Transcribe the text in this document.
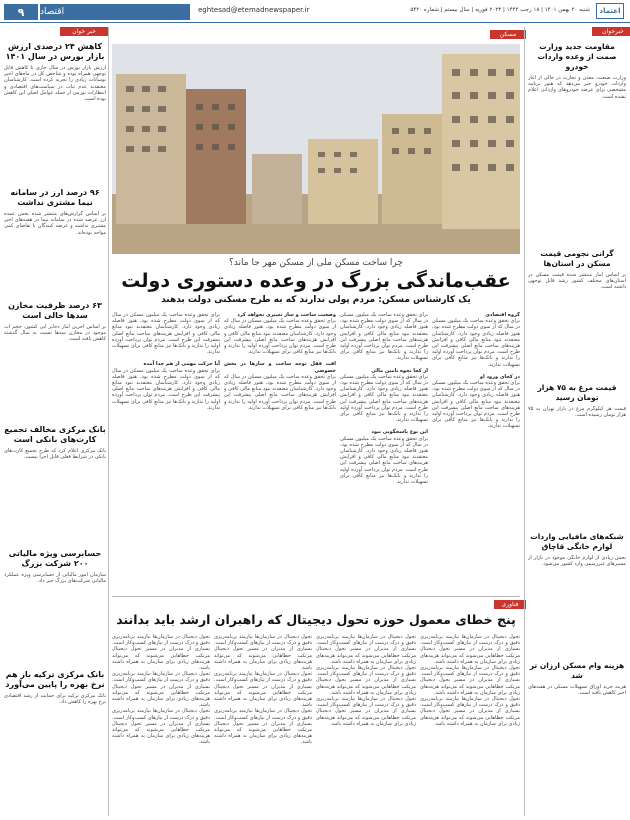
۹	اقتصاد	eghtesad@etemadnewspaper.ir	شنبه ۲۰ بهمن ۱۴۰۱ | ۱۸ رجب ۱۴۴۴ | ۲۰۲۳ فوریه | سال بیستم | شماره ۵۴۲۰	اعتماد
خبر خوان
کاهش ۲۴ درصدی ارزش بازار بورس در سال ۱۴۰۱
ارزش بازار بورس در سال جاری با کاهش قابل توجهی همراه بوده و شاخص کل در ماه‌های اخیر نوسانات زیادی را تجربه کرده است. کارشناسان معتقدند عدم ثبات در سیاست‌های اقتصادی و انتظارات تورمی از جمله عوامل اصلی این کاهش بوده است.
۹۶ درصد ارز در سامانه نیما مشتری نداشت
بر اساس گزارش‌های منتشر شده بخش عمده ارز عرضه شده در سامانه نیما در هفته‌های اخیر مشتری نداشته و عرضه کنندگان با تقاضای کمی مواجه بوده‌اند.
۶۳ درصد ظرفیت مخازن سدها خالی است
بر اساس آخرین آمار ذخایر آبی کشور، حجم آب موجود در مخازن سدها نسبت به سال گذشته کاهش یافته است.
بانک مرکزی مخالف تجمیع کارت‌های بانکی است
بانک مرکزی اعلام کرد که طرح تجمیع کارت‌های بانکی در شرایط فعلی قابل اجرا نیست.
حسابرسی ویژه مالیاتی ۲۰۰ شرکت بزرگ
سازمان امور مالیاتی از حسابرسی ویژه عملکرد مالیاتی شرکت‌های بزرگ خبر داد.
بانک مرکزی ترکیه باز هم نرخ بهره را پایین می‌آورد
بانک مرکزی ترکیه برای حمایت از رشد اقتصادی نرخ بهره را کاهش داد.
مسکن
چرا ساخت مسکن ملی از مسکن مهر جا ماند؟
عقب‌ماندگی بزرگ در وعده دستوری دولت
یک کارشناس مسکن: مردم پولی ندارند که به طرح مسکنی دولت بدهند
گروه اقتصادی
برای تحقق وعده ساخت یک میلیون مسکن در سال که از سوی دولت مطرح شده بود، هنوز فاصله زیادی وجود دارد. کارشناسان معتقدند نبود منابع مالی کافی و افزایش هزینه‌های ساخت مانع اصلی پیشرفت این طرح است. مردم توان پرداخت آورده اولیه را ندارند و بانک‌ها نیز منابع کافی برای تسهیلات ندارند.
در کجای ورود او
برای تحقق وعده ساخت یک میلیون مسکن در سال که از سوی دولت مطرح شده بود، هنوز فاصله زیادی وجود دارد. کارشناسان معتقدند نبود منابع مالی کافی و افزایش هزینه‌های ساخت مانع اصلی پیشرفت این طرح است. مردم توان پرداخت آورده اولیه را ندارند و بانک‌ها نیز منابع کافی برای تسهیلات ندارند.
برای تحقق وعده ساخت یک میلیون مسکن در سال که از سوی دولت مطرح شده بود، هنوز فاصله زیادی وجود دارد. کارشناسان معتقدند نبود منابع مالی کافی و افزایش هزینه‌های ساخت مانع اصلی پیشرفت این طرح است. مردم توان پرداخت آورده اولیه را ندارند و بانک‌ها نیز منابع کافی برای تسهیلات ندارند.
از کجا نحوه تامین مالی
برای تحقق وعده ساخت یک میلیون مسکن در سال که از سوی دولت مطرح شده بود، هنوز فاصله زیادی وجود دارد. کارشناسان معتقدند نبود منابع مالی کافی و افزایش هزینه‌های ساخت مانع اصلی پیشرفت این طرح است. مردم توان پرداخت آورده اولیه را ندارند و بانک‌ها نیز منابع کافی برای تسهیلات ندارند.
این نوع پاسخگویی نبود
برای تحقق وعده ساخت یک میلیون مسکن در سال که از سوی دولت مطرح شده بود، هنوز فاصله زیادی وجود دارد. کارشناسان معتقدند نبود منابع مالی کافی و افزایش هزینه‌های ساخت مانع اصلی پیشرفت این طرح است. مردم توان پرداخت آورده اولیه را ندارند و بانک‌ها نیز منابع کافی برای تسهیلات ندارند.
وضعیت ساخت و ساز تغییری نخواهد کرد
برای تحقق وعده ساخت یک میلیون مسکن در سال که از سوی دولت مطرح شده بود، هنوز فاصله زیادی وجود دارد. کارشناسان معتقدند نبود منابع مالی کافی و افزایش هزینه‌های ساخت مانع اصلی پیشرفت این طرح است. مردم توان پرداخت آورده اولیه را ندارند و بانک‌ها نیز منابع کافی برای تسهیلات ندارند.
اقت فقل توجه ساخت و سازها در بخش خصوصی
برای تحقق وعده ساخت یک میلیون مسکن در سال که از سوی دولت مطرح شده بود، هنوز فاصله زیادی وجود دارد. کارشناسان معتقدند نبود منابع مالی کافی و افزایش هزینه‌های ساخت مانع اصلی پیشرفت این طرح است. مردم توان پرداخت آورده اولیه را ندارند و بانک‌ها نیز منابع کافی برای تسهیلات ندارند.
برای تحقق وعده ساخت یک میلیون مسکن در سال که از سوی دولت مطرح شده بود، هنوز فاصله زیادی وجود دارد. کارشناسان معتقدند نبود منابع مالی کافی و افزایش هزینه‌های ساخت مانع اصلی پیشرفت این طرح است. مردم توان پرداخت آورده اولیه را ندارند و بانک‌ها نیز منابع کافی برای تسهیلات ندارند.
آیا حرکت مهمی از هم جدا آمده
برای تحقق وعده ساخت یک میلیون مسکن در سال که از سوی دولت مطرح شده بود، هنوز فاصله زیادی وجود دارد. کارشناسان معتقدند نبود منابع مالی کافی و افزایش هزینه‌های ساخت مانع اصلی پیشرفت این طرح است. مردم توان پرداخت آورده اولیه را ندارند و بانک‌ها نیز منابع کافی برای تسهیلات ندارند.
فناوری
پنج خطای معمول حوزه تحول دیجیتال که راهبران ارشد باید بدانند
تحول دیجیتال در سازمان‌ها نیازمند برنامه‌ریزی دقیق و درک درست از نیازهای کسب‌وکار است. بسیاری از مدیران در مسیر تحول دیجیتال مرتکب خطاهایی می‌شوند که می‌تواند هزینه‌های زیادی برای سازمان به همراه داشته باشد.
تحول دیجیتال در سازمان‌ها نیازمند برنامه‌ریزی دقیق و درک درست از نیازهای کسب‌وکار است. بسیاری از مدیران در مسیر تحول دیجیتال مرتکب خطاهایی می‌شوند که می‌تواند هزینه‌های زیادی برای سازمان به همراه داشته باشد.
تحول دیجیتال در سازمان‌ها نیازمند برنامه‌ریزی دقیق و درک درست از نیازهای کسب‌وکار است. بسیاری از مدیران در مسیر تحول دیجیتال مرتکب خطاهایی می‌شوند که می‌تواند هزینه‌های زیادی برای سازمان به همراه داشته باشد.
تحول دیجیتال در سازمان‌ها نیازمند برنامه‌ریزی دقیق و درک درست از نیازهای کسب‌وکار است. بسیاری از مدیران در مسیر تحول دیجیتال مرتکب خطاهایی می‌شوند که می‌تواند هزینه‌های زیادی برای سازمان به همراه داشته باشد.
تحول دیجیتال در سازمان‌ها نیازمند برنامه‌ریزی دقیق و درک درست از نیازهای کسب‌وکار است. بسیاری از مدیران در مسیر تحول دیجیتال مرتکب خطاهایی می‌شوند که می‌تواند هزینه‌های زیادی برای سازمان به همراه داشته باشد.
تحول دیجیتال در سازمان‌ها نیازمند برنامه‌ریزی دقیق و درک درست از نیازهای کسب‌وکار است. بسیاری از مدیران در مسیر تحول دیجیتال مرتکب خطاهایی می‌شوند که می‌تواند هزینه‌های زیادی برای سازمان به همراه داشته باشد.
تحول دیجیتال در سازمان‌ها نیازمند برنامه‌ریزی دقیق و درک درست از نیازهای کسب‌وکار است. بسیاری از مدیران در مسیر تحول دیجیتال مرتکب خطاهایی می‌شوند که می‌تواند هزینه‌های زیادی برای سازمان به همراه داشته باشد.
تحول دیجیتال در سازمان‌ها نیازمند برنامه‌ریزی دقیق و درک درست از نیازهای کسب‌وکار است. بسیاری از مدیران در مسیر تحول دیجیتال مرتکب خطاهایی می‌شوند که می‌تواند هزینه‌های زیادی برای سازمان به همراه داشته باشد.
تحول دیجیتال در سازمان‌ها نیازمند برنامه‌ریزی دقیق و درک درست از نیازهای کسب‌وکار است. بسیاری از مدیران در مسیر تحول دیجیتال مرتکب خطاهایی می‌شوند که می‌تواند هزینه‌های زیادی برای سازمان به همراه داشته باشد.
تحول دیجیتال در سازمان‌ها نیازمند برنامه‌ریزی دقیق و درک درست از نیازهای کسب‌وکار است. بسیاری از مدیران در مسیر تحول دیجیتال مرتکب خطاهایی می‌شوند که می‌تواند هزینه‌های زیادی برای سازمان به همراه داشته باشد.
تحول دیجیتال در سازمان‌ها نیازمند برنامه‌ریزی دقیق و درک درست از نیازهای کسب‌وکار است. بسیاری از مدیران در مسیر تحول دیجیتال مرتکب خطاهایی می‌شوند که می‌تواند هزینه‌های زیادی برای سازمان به همراه داشته باشد.
تحول دیجیتال در سازمان‌ها نیازمند برنامه‌ریزی دقیق و درک درست از نیازهای کسب‌وکار است. بسیاری از مدیران در مسیر تحول دیجیتال مرتکب خطاهایی می‌شوند که می‌تواند هزینه‌های زیادی برای سازمان به همراه داشته باشد.
خبرخوان
مقاومت جدید وزارت صمت از وعده واردات خودرو
وزارت صنعت، معدن و تجارت در حالی از آغاز واردات خودرو خبر می‌دهد که هنوز برنامه مشخصی برای عرضه خودروهای وارداتی اعلام نشده است.
گرانی نجومی قیمت مسکن در استان‌ها
بر اساس آمار منتشر شده قیمت مسکن در استان‌های مختلف کشور رشد قابل توجهی داشته است.
قیمت مرغ به ۷۵ هزار تومان رسید
قیمت هر کیلوگرم مرغ در بازار تهران به ۷۵ هزار تومان رسیده است.
شبکه‌های مافیایی واردات لوازم خانگی قاچاق
بخش زیادی از لوازم خانگی موجود در بازار از مسیرهای غیررسمی وارد کشور می‌شود.
هزینه وام مسکن ارزان تر شد
هزینه خرید اوراق تسهیلات مسکن در هفته‌های اخیر کاهش یافته است.
